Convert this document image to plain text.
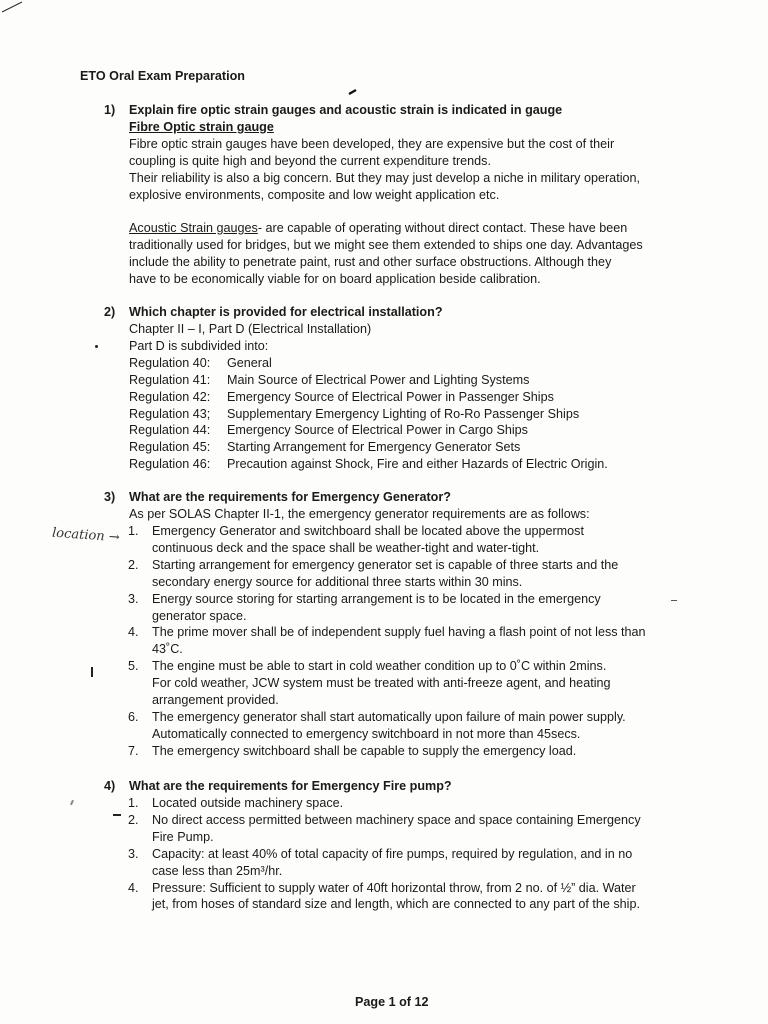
location →
ETO Oral Exam Preparation
1) Explain fire optic strain gauges and acoustic strain is indicated in gauge
Fibre Optic strain gauge
Fibre optic strain gauges have been developed, they are expensive but the cost of their
coupling is quite high and beyond the current expenditure trends.
Their reliability is also a big concern. But they may just develop a niche in military operation,
explosive environments, composite and low weight application etc.
Acoustic Strain gauges- are capable of operating without direct contact. These have been
traditionally used for bridges, but we might see them extended to ships one day. Advantages
include the ability to penetrate paint, rust and other surface obstructions. Although they
have to be economically viable for on board application beside calibration.
2) Which chapter is provided for electrical installation?
Chapter II – I, Part D (Electrical Installation)
Part D is subdivided into:
Regulation 40:	General
Regulation 41:	Main Source of Electrical Power and Lighting Systems
Regulation 42:	Emergency Source of Electrical Power in Passenger Ships
Regulation 43;	Supplementary Emergency Lighting of Ro-Ro Passenger Ships
Regulation 44:	Emergency Source of Electrical Power in Cargo Ships
Regulation 45:	Starting Arrangement for Emergency Generator Sets
Regulation 46:	Precaution against Shock, Fire and either Hazards of Electric Origin.
3) What are the requirements for Emergency Generator?
As per SOLAS Chapter II-1, the emergency generator requirements are as follows:
1. Emergency Generator and switchboard shall be located above the uppermost
continuous deck and the space shall be weather-tight and water-tight.
2. Starting arrangement for emergency generator set is capable of three starts and the
secondary energy source for additional three starts within 30 mins.
3. Energy source storing for starting arrangement is to be located in the emergency
generator space.
4. The prime mover shall be of independent supply fuel having a flash point of not less than
43˚C.
5. The engine must be able to start in cold weather condition up to 0˚C within 2mins.
For cold weather, JCW system must be treated with anti-freeze agent, and heating
arrangement provided.
6. The emergency generator shall start automatically upon failure of main power supply.
Automatically connected to emergency switchboard in not more than 45secs.
7. The emergency switchboard shall be capable to supply the emergency load.
4) What are the requirements for Emergency Fire pump?
1. Located outside machinery space.
2. No direct access permitted between machinery space and space containing Emergency
Fire Pump.
3. Capacity: at least 40% of total capacity of fire pumps, required by regulation, and in no
case less than 25m³/hr.
4. Pressure: Sufficient to supply water of 40ft horizontal throw, from 2 no. of ½” dia. Water
jet, from hoses of standard size and length, which are connected to any part of the ship.
Page 1 of 12
